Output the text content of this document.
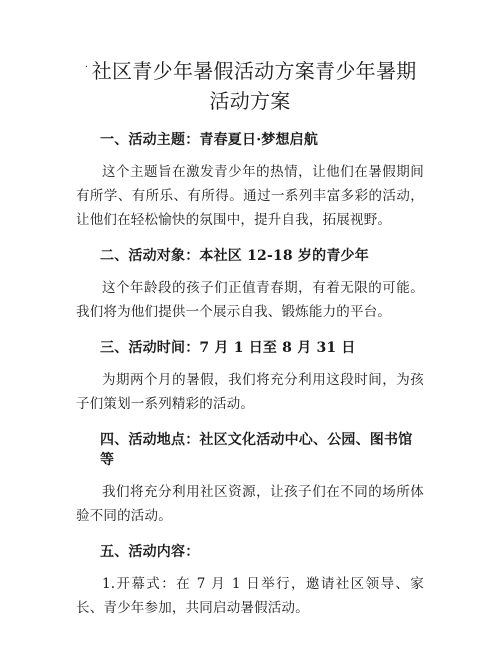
˙ 社区青少年暑假活动方案青少年暑期活动方案
一、活动主题：青春夏日·梦想启航

这个主题旨在激发青少年的热情，让他们在暑假期间有所学、有所乐、有所得。通过一系列丰富多彩的活动，让他们在轻松愉快的氛围中，提升自我，拓展视野。

二、活动对象：本社区 12-18 岁的青少年

这个年龄段的孩子们正值青春期，有着无限的可能。我们将为他们提供一个展示自我、锻炼能力的平台。

三、活动时间：7 月 1 日至 8 月 31 日

为期两个月的暑假，我们将充分利用这段时间，为孩子们策划一系列精彩的活动。

四、活动地点：社区文化活动中心、公园、图书馆等

我们将充分利用社区资源，让孩子们在不同的场所体验不同的活动。

五、活动内容：

1.开幕式：在 7 月 1 日举行，邀请社区领导、家长、青少年参加，共同启动暑假活动。
